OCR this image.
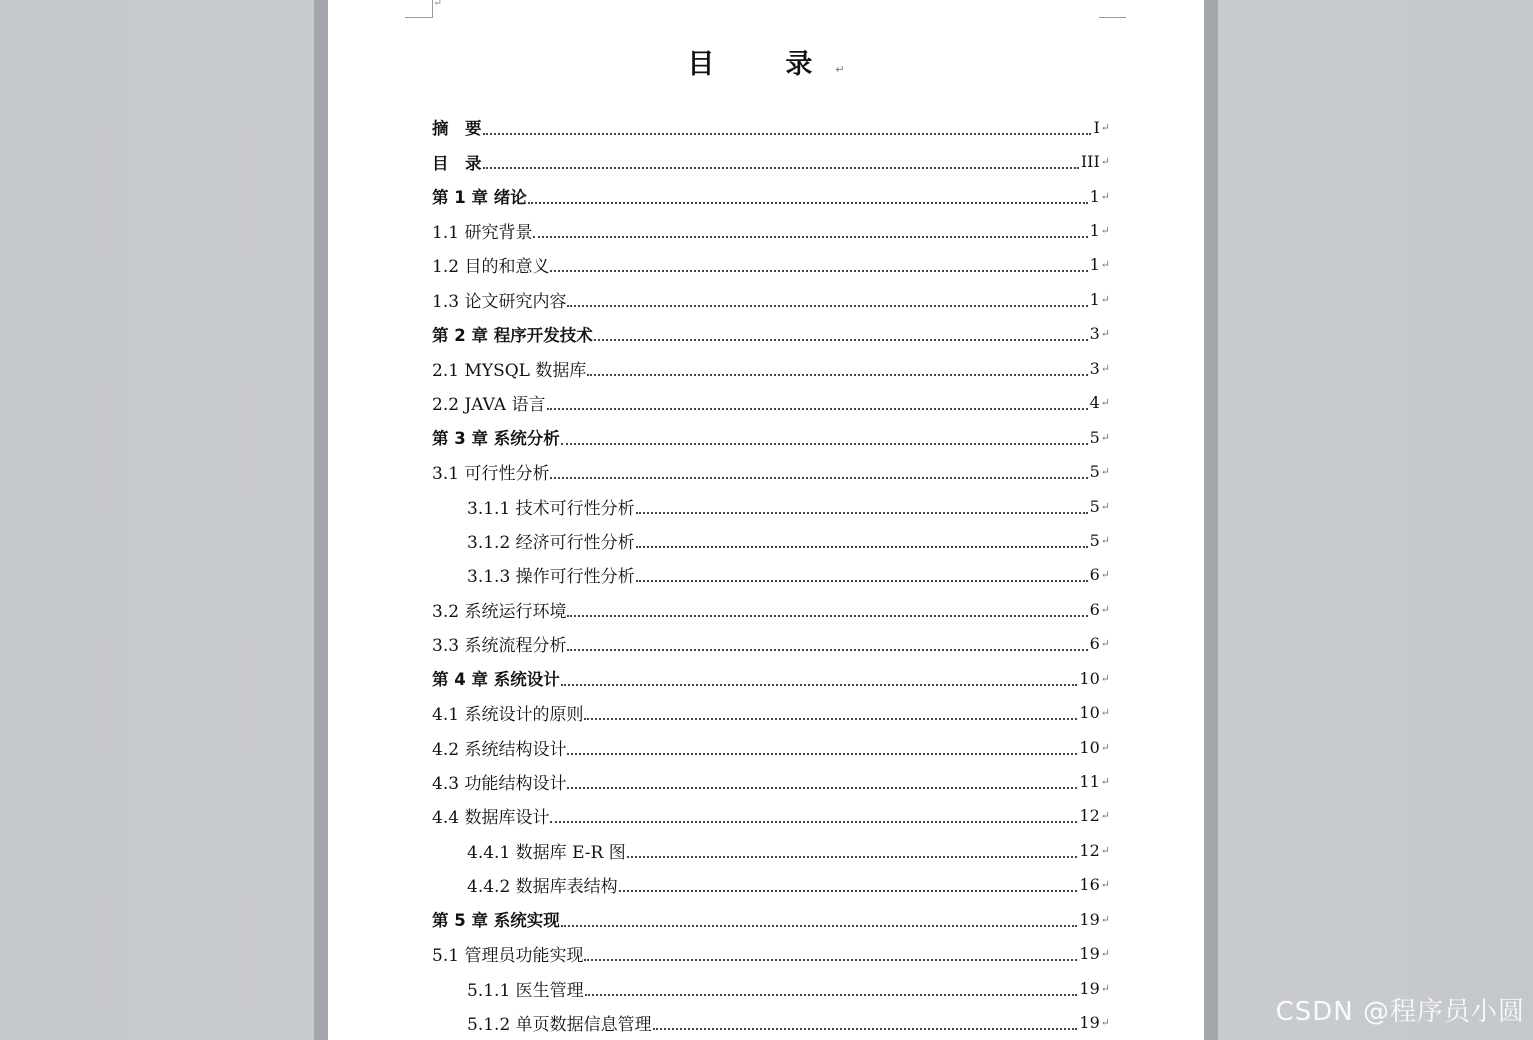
↵
目　录↵
摘　要	I ↵
目　录	III ↵
第 1 章 绪论	1 ↵
1.1 研究背景	1 ↵
1.2 目的和意义	1 ↵
1.3 论文研究内容	1 ↵
第 2 章 程序开发技术	3 ↵
2.1 MYSQL 数据库	3 ↵
2.2 JAVA 语言	4 ↵
第 3 章 系统分析	5 ↵
3.1 可行性分析	5 ↵
3.1.1 技术可行性分析	5 ↵
3.1.2 经济可行性分析	5 ↵
3.1.3 操作可行性分析	6 ↵
3.2 系统运行环境	6 ↵
3.3 系统流程分析	6 ↵
第 4 章 系统设计	10 ↵
4.1 系统设计的原则	10 ↵
4.2 系统结构设计	10 ↵
4.3 功能结构设计	11 ↵
4.4 数据库设计	12 ↵
4.4.1 数据库 E-R 图	12 ↵
4.4.2 数据库表结构	16 ↵
第 5 章 系统实现	19 ↵
5.1 管理员功能实现	19 ↵
5.1.1 医生管理	19 ↵
5.1.2 单页数据信息管理	19 ↵	CSDN @程序员小圆
